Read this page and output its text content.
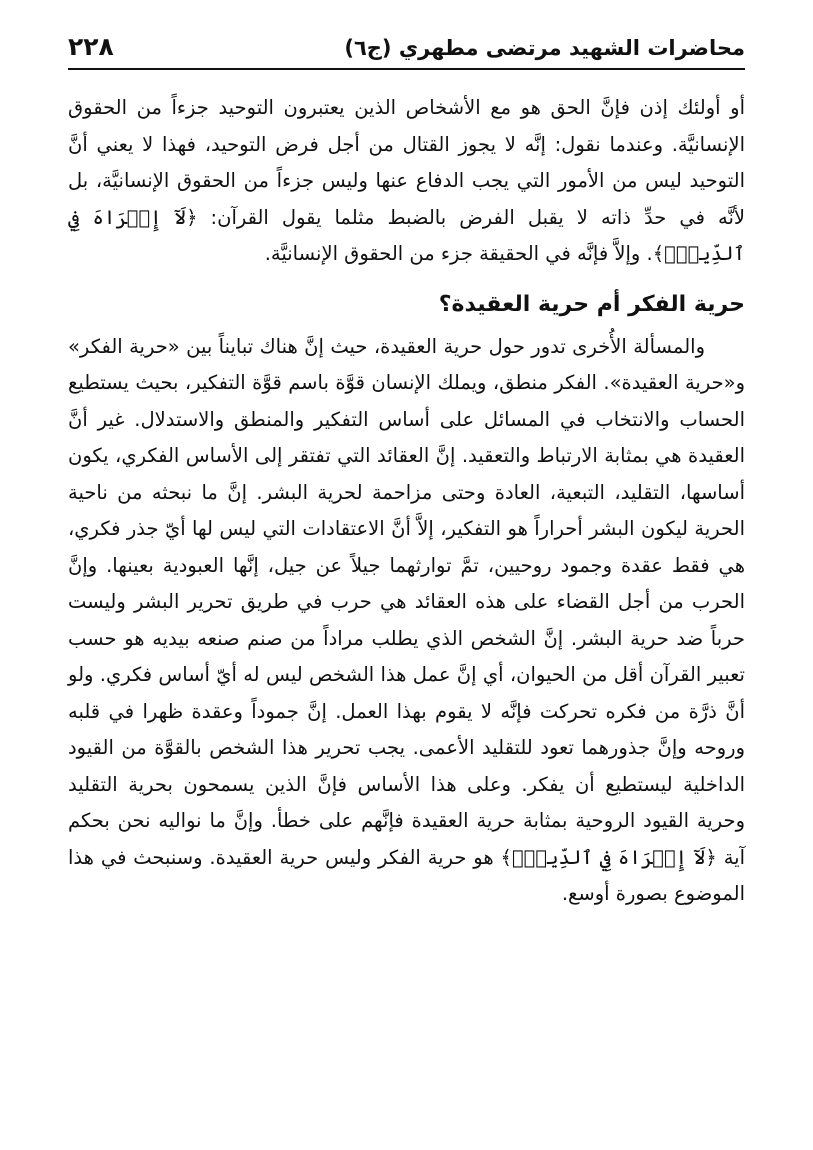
محاضرات الشهيد مرتضى مطهري (ج٦)
٢٢٨

أو أولئك إذن فإنَّ الحق هو مع الأشخاص الذين يعتبرون التوحيد جزءاً من الحقوق الإنسانيَّة. وعندما نقول: إنَّه لا يجوز القتال من أجل فرض التوحيد، فهذا لا يعني أنَّ التوحيد ليس من الأمور التي يجب الدفاع عنها وليس جزءاً من الحقوق الإنسانيَّة، بل لأنَّه في حدِّ ذاته لا يقبل الفرض بالضبط مثلما يقول القرآن: ﴿لَآ إِكۡرَاهَ فِي ٱلدِّينِۖ﴾. وإلاَّ فإنَّه في الحقيقة جزء من الحقوق الإنسانيَّة.

حرية الفكر أم حرية العقيدة؟

والمسألة الأُخرى تدور حول حرية العقيدة، حيث إنَّ هناك تبايناً بين «حرية الفكر» و«حرية العقيدة». الفكر منطق، ويملك الإنسان قوَّة باسم قوَّة التفكير، بحيث يستطيع الحساب والانتخاب في المسائل على أساس التفكير والمنطق والاستدلال. غير أنَّ العقيدة هي بمثابة الارتباط والتعقيد. إنَّ العقائد التي تفتقر إلى الأساس الفكري، يكون أساسها، التقليد، التبعية، العادة وحتى مزاحمة لحرية البشر. إنَّ ما نبحثه من ناحية الحرية ليكون البشر أحراراً هو التفكير، إلاَّ أنَّ الاعتقادات التي ليس لها أيّ جذر فكري، هي فقط عقدة وجمود روحيين، تمَّ توارثهما جيلاً عن جيل، إنَّها العبودية بعينها. وإنَّ الحرب من أجل القضاء على هذه العقائد هي حرب في طريق تحرير البشر وليست حرباً ضد حرية البشر. إنَّ الشخص الذي يطلب مراداً من صنم صنعه بيديه هو حسب تعبير القرآن أقل من الحيوان، أي إنَّ عمل هذا الشخص ليس له أيّ أساس فكري. ولو أنَّ ذرَّة من فكره تحركت فإنَّه لا يقوم بهذا العمل. إنَّ جموداً وعقدة ظهرا في قلبه وروحه وإنَّ جذورهما تعود للتقليد الأعمى. يجب تحرير هذا الشخص بالقوَّة من القيود الداخلية ليستطيع أن يفكر. وعلى هذا الأساس فإنَّ الذين يسمحون بحرية التقليد وحرية القيود الروحية بمثابة حرية العقيدة فإنَّهم على خطأ. وإنَّ ما نواليه نحن بحكم آية ﴿لَآ إِكۡرَاهَ فِي ٱلدِّينِۖ﴾ هو حرية الفكر وليس حرية العقيدة. وسنبحث في هذا الموضوع بصورة أوسع.
